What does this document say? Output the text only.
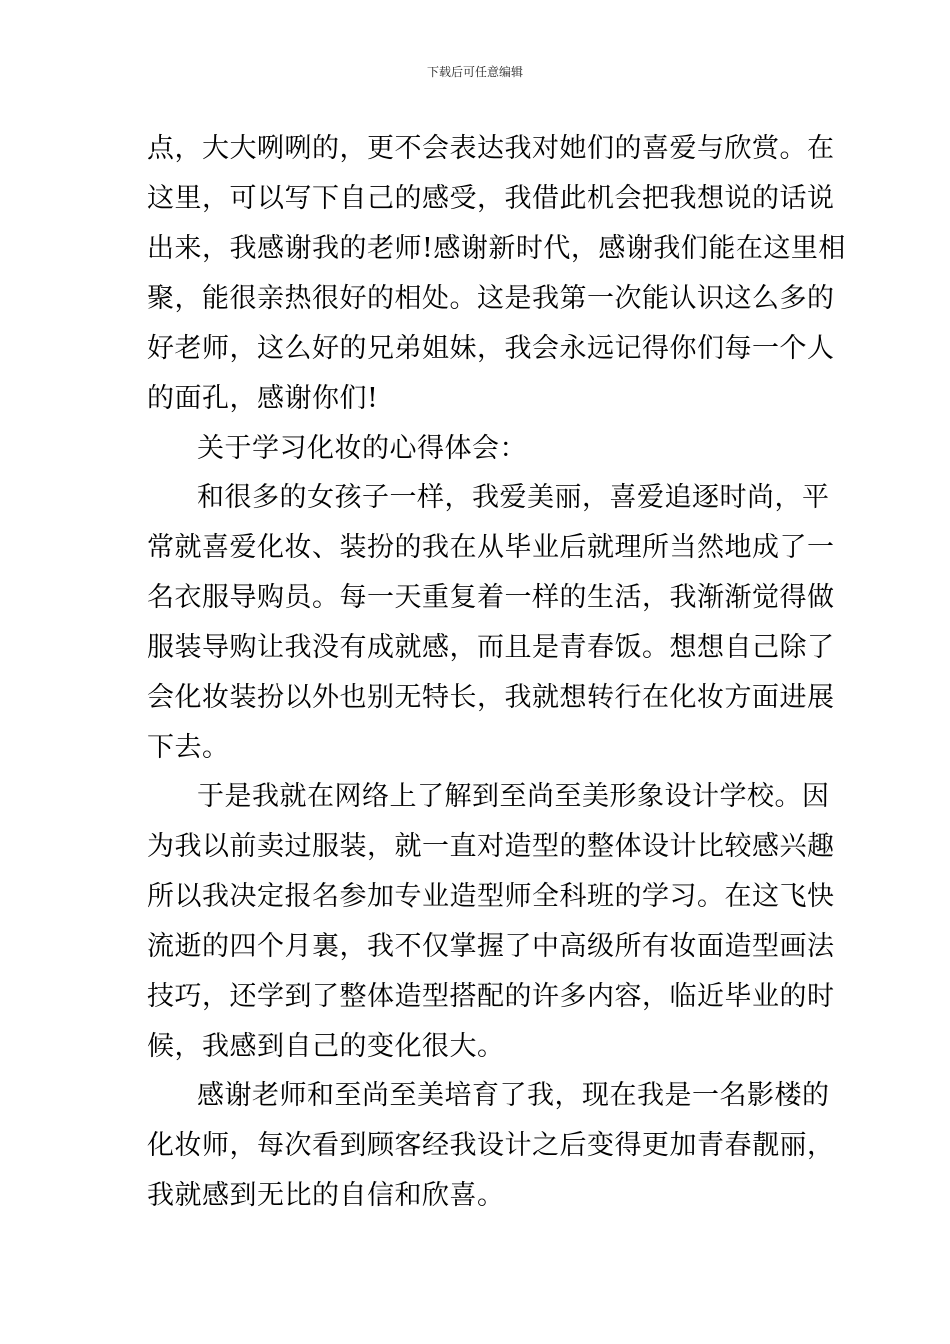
下载后可任意编辑
点，大大咧咧的，更不会表达我对她们的喜爱与欣赏。在
这里，可以写下自己的感受，我借此机会把我想说的话说
出来，我感谢我的老师!感谢新时代，感谢我们能在这里相
聚，能很亲热很好的相处。这是我第一次能认识这么多的
好老师，这么好的兄弟姐妹，我会永远记得你们每一个人
的面孔，感谢你们!
关于学习化妆的心得体会：
和很多的女孩子一样，我爱美丽，喜爱追逐时尚，平
常就喜爱化妆、装扮的我在从毕业后就理所当然地成了一
名衣服导购员。每一天重复着一样的生活，我渐渐觉得做
服装导购让我没有成就感，而且是青春饭。想想自己除了
会化妆装扮以外也别无特长，我就想转行在化妆方面进展
下去。
于是我就在网络上了解到至尚至美形象设计学校。因
为我以前卖过服装，就一直对造型的整体设计比较感兴趣
所以我决定报名参加专业造型师全科班的学习。在这飞快
流逝的四个月裏，我不仅掌握了中高级所有妆面造型画法
技巧，还学到了整体造型搭配的许多内容，临近毕业的时
候，我感到自己的变化很大。
感谢老师和至尚至美培育了我，现在我是一名影楼的
化妆师，每次看到顾客经我设计之后变得更加青春靓丽，
我就感到无比的自信和欣喜。
